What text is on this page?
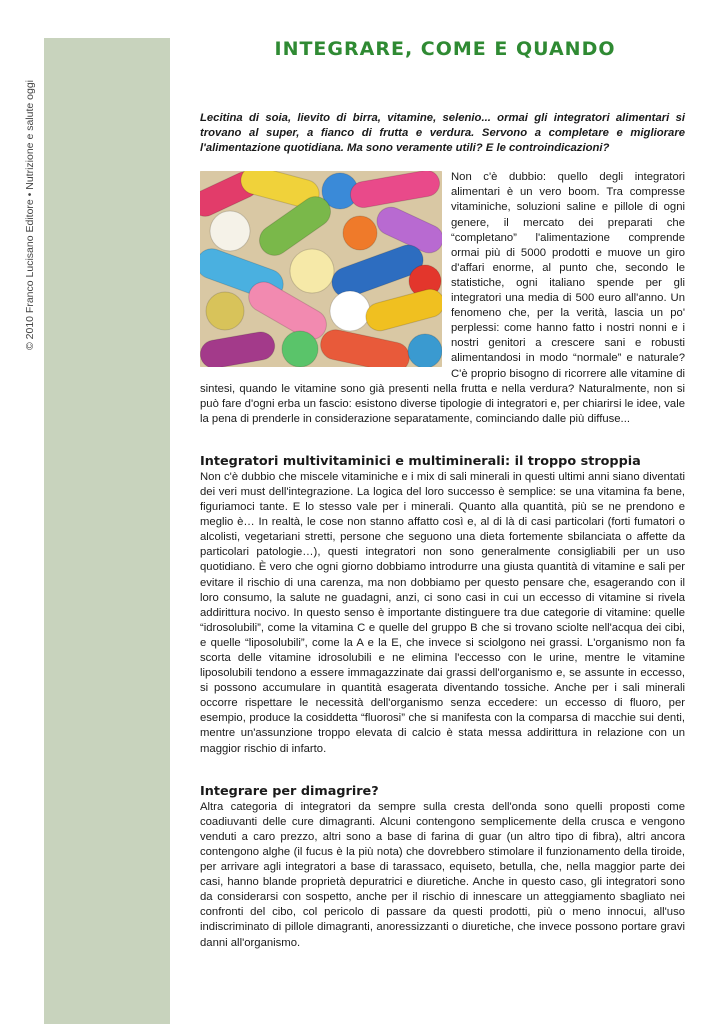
© 2010 Franco Lucisano Editore • Nutrizione e salute oggi
INTEGRARE, COME E QUANDO

Lecitina di soia, lievito di birra, vitamine, selenio... ormai gli integratori alimentari si trovano al super, a fianco di frutta e verdura. Servono a completare e migliorare l'alimentazione quotidiana. Ma sono veramente utili? E le controindicazioni?

Non c'è dubbio: quello degli integratori alimentari è un vero boom. Tra compresse vitaminiche, soluzioni saline e pillole di ogni genere, il mercato dei preparati che “completano” l'alimentazione comprende ormai più di 5000 prodotti e muove un giro d'affari enorme, al punto che, secondo le statistiche, ogni italiano spende per gli integratori una media di 500 euro all'anno. Un fenomeno che, per la verità, lascia un po' perplessi: come hanno fatto i nostri nonni e i nostri genitori a crescere sani e robusti alimentandosi in modo “normale” e naturale? C'è proprio bisogno di ricorrere alle vitamine di sintesi, quando le vitamine sono già presenti nella frutta e nella verdura? Naturalmente, non si può fare d'ogni erba un fascio: esistono diverse tipologie di integratori e, per chiarirsi le idee, vale la pena di prenderle in considerazione separatamente, cominciando dalle più diffuse...

Integratori multivitaminici e multiminerali: il troppo stroppia

Non c'è dubbio che miscele vitaminiche e i mix di sali minerali in questi ultimi anni siano diventati dei veri must dell'integrazione. La logica del loro successo è semplice: se una vitamina fa bene, figuriamoci tante. E lo stesso vale per i minerali. Quanto alla quantità, più se ne prendono e meglio è… In realtà, le cose non stanno affatto così e, al di là di casi particolari (forti fumatori o alcolisti, vegetariani stretti, persone che seguono una dieta fortemente sbilanciata o affette da particolari patologie…), questi integratori non sono generalmente consigliabili per un uso quotidiano. È vero che ogni giorno dobbiamo introdurre una giusta quantità di vitamine e sali per evitare il rischio di una carenza, ma non dobbiamo per questo pensare che, esagerando con il loro consumo, la salute ne guadagni, anzi, ci sono casi in cui un eccesso di vitamine si rivela addirittura nocivo. In questo senso è importante distinguere tra due categorie di vitamine: quelle “idrosolubili”, come la vitamina C e quelle del gruppo B che si trovano sciolte nell'acqua dei cibi, e quelle “liposolubili”, come la A e la E, che invece si sciolgono nei grassi. L'organismo non fa scorta delle vitamine idrosolubili e ne elimina l'eccesso con le urine, mentre le vitamine liposolubili tendono a essere immagazzinate dai grassi dell'organismo e, se assunte in eccesso, si possono accumulare in quantità esagerata diventando tossiche. Anche per i sali minerali occorre rispettare le necessità dell'organismo senza eccedere: un eccesso di fluoro, per esempio, produce la cosiddetta “fluorosi” che si manifesta con la comparsa di macchie sui denti, mentre un'assunzione troppo elevata di calcio è stata messa addirittura in relazione con un maggior rischio di infarto.

Integrare per dimagrire?

Altra categoria di integratori da sempre sulla cresta dell'onda sono quelli proposti come coadiuvanti delle cure dimagranti. Alcuni contengono semplicemente della crusca e vengono venduti a caro prezzo, altri sono a base di farina di guar (un altro tipo di fibra), altri ancora contengono alghe (il fucus è la più nota) che dovrebbero stimolare il funzionamento della tiroide, per arrivare agli integratori a base di tarassaco, equiseto, betulla, che, nella maggior parte dei casi, hanno blande proprietà depuratrici e diuretiche. Anche in questo caso, gli integratori sono da considerarsi con sospetto, anche per il rischio di innescare un atteggiamento sbagliato nei confronti del cibo, col pericolo di passare da questi prodotti, più o meno innocui, all'uso indiscriminato di pillole dimagranti, anoressizzanti o diuretiche, che invece possono portare gravi danni all'organismo.
